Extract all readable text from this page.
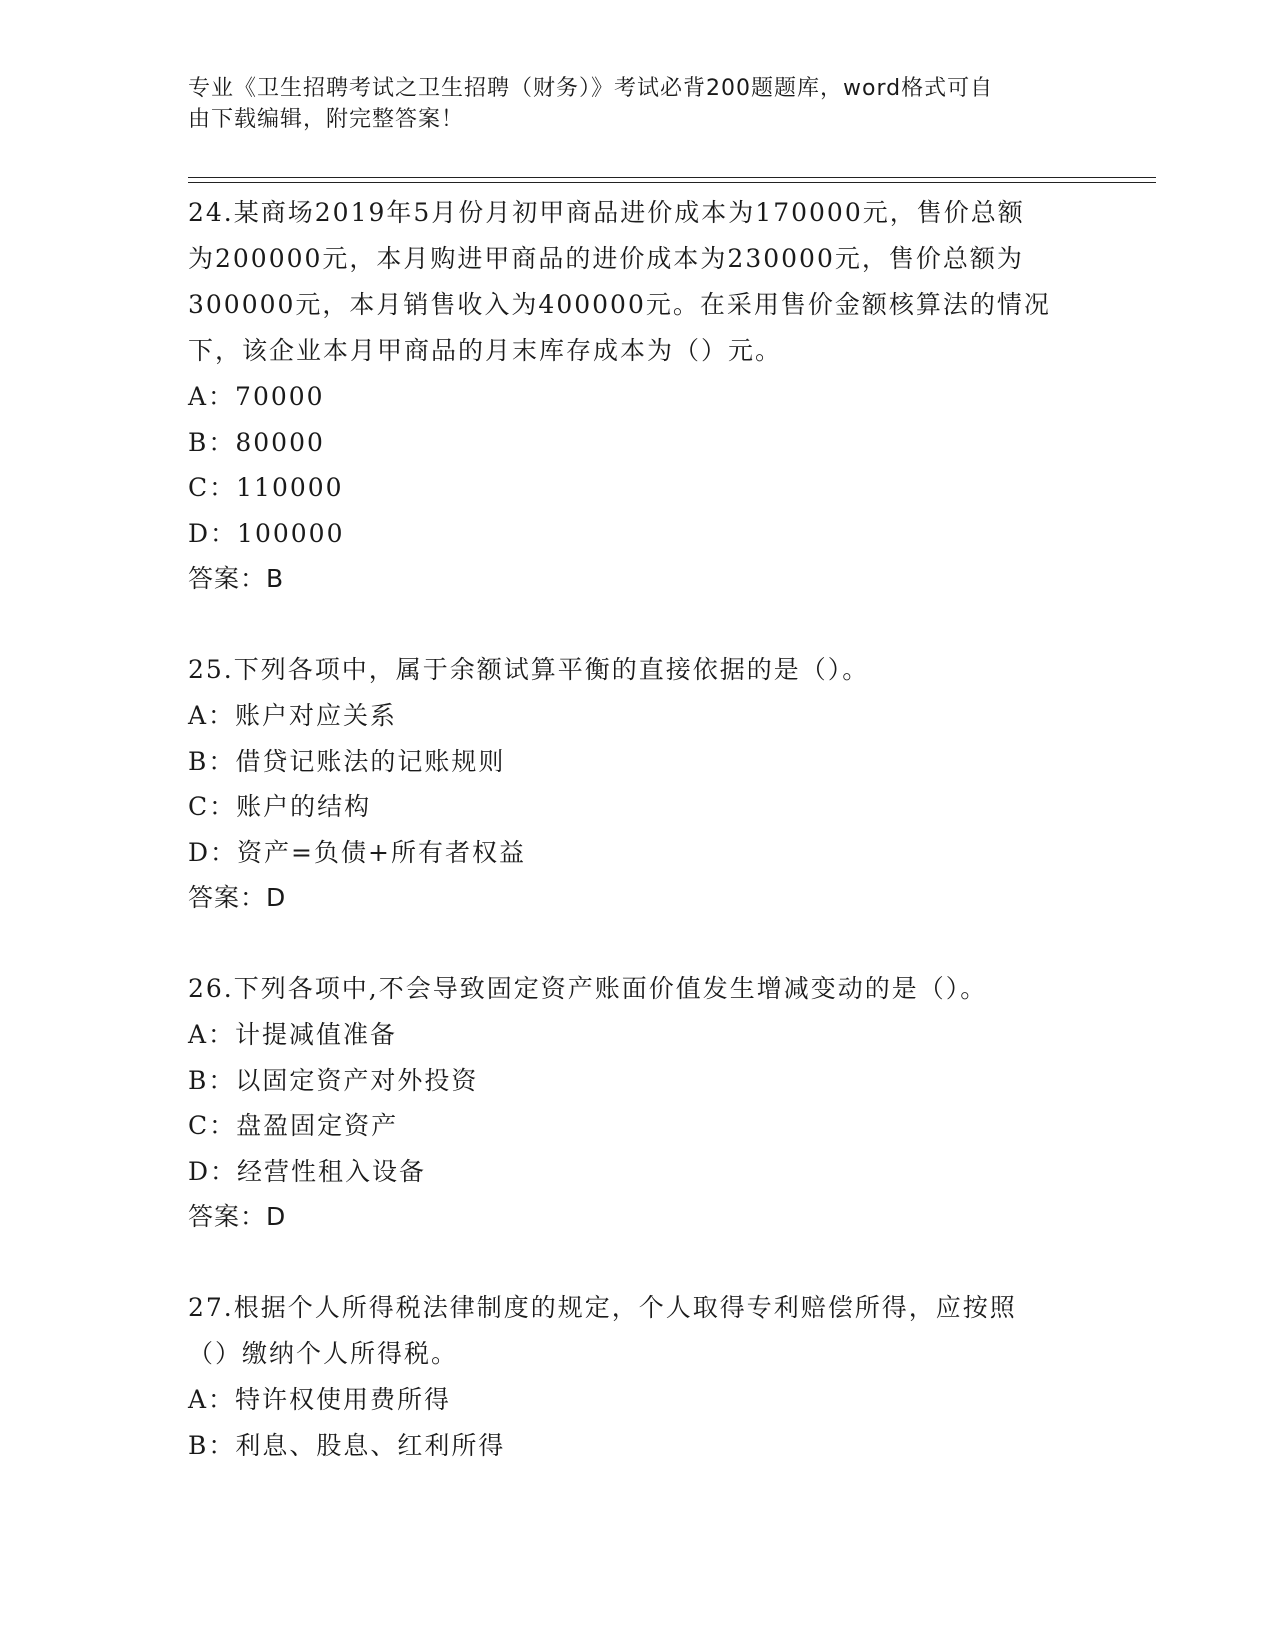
专业《卫生招聘考试之卫生招聘（财务）》考试必背200题题库，word格式可自
由下载编辑，附完整答案！

24.某商场2019年5月份月初甲商品进价成本为170000元，售价总额

为200000元，本月购进甲商品的进价成本为230000元，售价总额为

300000元，本月销售收入为400000元。在采用售价金额核算法的情况

下，该企业本月甲商品的月末库存成本为（）元。

A：70000

B：80000

C：110000

D：100000

答案：B

25.下列各项中，属于余额试算平衡的直接依据的是（）。

A：账户对应关系

B：借贷记账法的记账规则

C：账户的结构

D：资产=负债+所有者权益

答案：D

26.下列各项中,不会导致固定资产账面价值发生增减变动的是（）。

A：计提减值准备

B：以固定资产对外投资

C：盘盈固定资产

D：经营性租入设备

答案：D

27.根据个人所得税法律制度的规定，个人取得专利赔偿所得，应按照

（）缴纳个人所得税。

A：特许权使用费所得

B：利息、股息、红利所得
